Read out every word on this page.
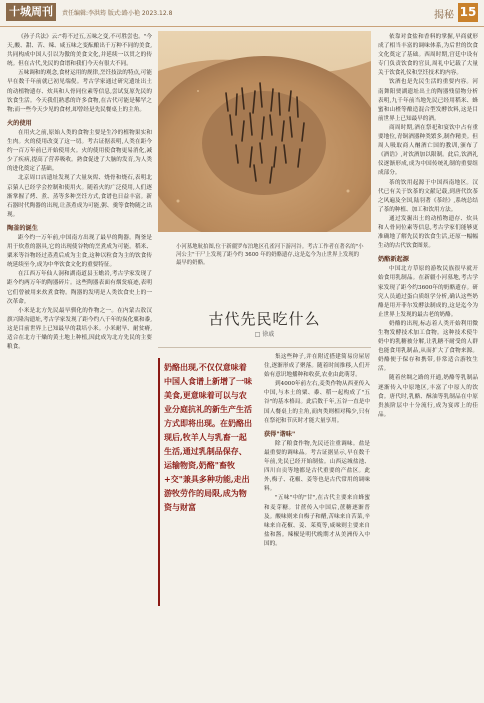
十城周刊	责任编辑:李洪筠 版式:路小艳 2023.12.8	揭秘 15

《孙子兵法》云:"将不过五,五味之变,不可胜尝也。"今天,酸、甜、苦、辣、咸五味之变酝酿出千万种不同的美食,共同构成中国人引以为傲的美食文化,并延续一以贯之的传统。但在古代,先民的食谱和我们今天有很大不同。

五味调和的观念,食材运用的规律,烹饪技法的特点,可能早在数千年前就已初见端倪。考古学家通过研究遗址出土的动植物遗存、炊具和人骨同位素等信息,尝试复原先民的饮食生活。今天我们熟悉的许多食物,在古代可能是稀罕之物;而一些今天少见的食材,却曾经是先民餐桌上的主角。

火的使用

在用火之前,原始人类的食物主要是生冷的植物果实和生肉。火的使用改变了这一切。考古证据表明,人类在距今约一百万年前已开始使用火。火的使用使食物更易消化,减少了疾病,提高了营养吸收。熟食促进了大脑的发育,为人类的进化奠定了基础。

北京周口店遗址发现了大量灰烬、烧骨和烧石,表明北京猿人已经学会控制和使用火。随着火的广泛使用,人们逐渐掌握了烤、煮、蒸等多种烹饪方式,食谱也日益丰富。新石器时代陶器的出现,让蒸煮成为可能,粥、羹等食物随之出现。

陶釜的诞生

距今约一万年前,中国南方出现了最早的陶器。陶釜是用于炊煮的器具,它的出现使谷物的烹煮成为可能。稻米、粟米等谷物经过蒸煮后成为主食,这种以粒食为主的饮食传统延续至今,成为中华饮食文化的重要特征。

在江西万年仙人洞和湖南道县玉蟾岩,考古学家发现了距今约两万年的陶器碎片。这些陶器表面有烟炱痕迹,表明它们曾被用来炊煮食物。陶器的发明是人类饮食史上的一次革命。

小米是北方先民最早驯化的作物之一。在内蒙古敖汉旗兴隆沟遗址,考古学家发现了距今约八千年的炭化粟和黍,这是目前世界上已知最早的栽培小米。小米耐旱、耐贫瘠,适合在北方干燥的黄土地上种植,因此成为北方先民的主要粮食。

小河墓地航拍图,位于新疆罗布泊地区孔雀河下游河谷。考古工作者在著名的"小河公主"干尸上发现了距今约 3600 年的奶酪遗存,这是迄今为止世界上发现的最早的奶酪。
古代先民吃什么
□ 徐戚
奶酪出现,不仅仅意味着中国人食谱上新增了一味美食,更意味着可以与农业分庭抗礼的新生产生活方式即将出现。在奶酪出现后,牧羊人与乳畜一起生活,通过乳制品保存、运输物资,奶酪"畜牧+交"兼具多种功能,走出游牧劳作的局限,成为物资与财富

集这些种子,并在附近搭建简易房屋居住,逐渐形成了聚落。随着时间推移,人们开始有意识地播种和收获,农业由此萌芽。

到4000年前左右,麦类作物从西亚传入中国,与本土的粟、黍、稻一起构成了"五谷"的基本格局。此后数千年,五谷一直是中国人餐桌上的主角,而肉类则相对稀少,只有在祭祀和节庆时才能大量享用。

获得"谐味"

除了粮食作物,先民还注重调味。盐是最重要的调味品。考古证据显示,早在数千年前,先民已经开始制盐。山西运城盐池、四川自贡等地都是古代重要的产盐区。此外,梅子、花椒、姜等也是古代常用的调味料。

"五味"中的"甘",在古代主要来自蜂蜜和麦芽糖。甘蔗传入中国后,蔗糖逐渐普及。酸味则来自梅子和醋,苦味来自苦菜,辛味来自花椒、姜、茱萸等,咸味则主要来自盐和酱。辣椒是明代晚期才从美洲传入中国的。

依靠对食盐和香料的掌握,早商就形成了相当丰富的调味体系,为后世的饮食文化奠定了基础。西周时期,宫廷中设有专门负责饮食的官员,周礼中记载了大量关于饮食礼仪和烹饪技术的内容。

饮酒也是先民生活的重要内容。河南舞阳贾湖遗址出土的陶器残留物分析表明,九千年前当地先民已经用稻米、蜂蜜和山楂等酿造混合型发酵饮料,这是目前世界上已知最早的酒。

商周时期,酒在祭祀和宴饮中占有重要地位,青铜酒器种类繁多,制作精美。但周人吸取商人酗酒亡国的教训,颁布了《酒诰》,对饮酒加以限制。此后,饮酒礼仪逐渐形成,成为中国传统礼制的重要组成部分。

茶的饮用起源于中国西南地区。汉代已有关于饮茶的文献记载,到唐代饮茶之风遍及全国,陆羽著《茶经》,系统总结了茶的种植、加工和饮用方法。

通过发掘出土的动植物遗存、炊具和人骨同位素等信息,考古学家们能够更准确地了解先民的饮食生活,还原一幅幅生动的古代饮食图景。

奶酪新起源

中国北方草原的游牧民族很早就开始食用乳制品。在新疆小河墓地,考古学家发现了距今约3600年的奶酪遗存。研究人员通过蛋白质组学分析,确认这些奶酪是用开菲尔发酵法制成的,这是迄今为止世界上发现的最古老的奶酪。

奶酪的出现,标志着人类开始利用微生物发酵技术加工食物。这种技术使牛奶中的乳糖被分解,让乳糖不耐受的人群也能食用乳制品,从而扩大了食物来源。奶酪便于保存和携带,非常适合游牧生活。

随着丝绸之路的开通,奶酪等乳制品逐渐传入中原地区,丰富了中原人的饮食。唐代时,乳酪、酥油等乳制品在中原贵族阶层中十分流行,成为宴席上的佳品。
